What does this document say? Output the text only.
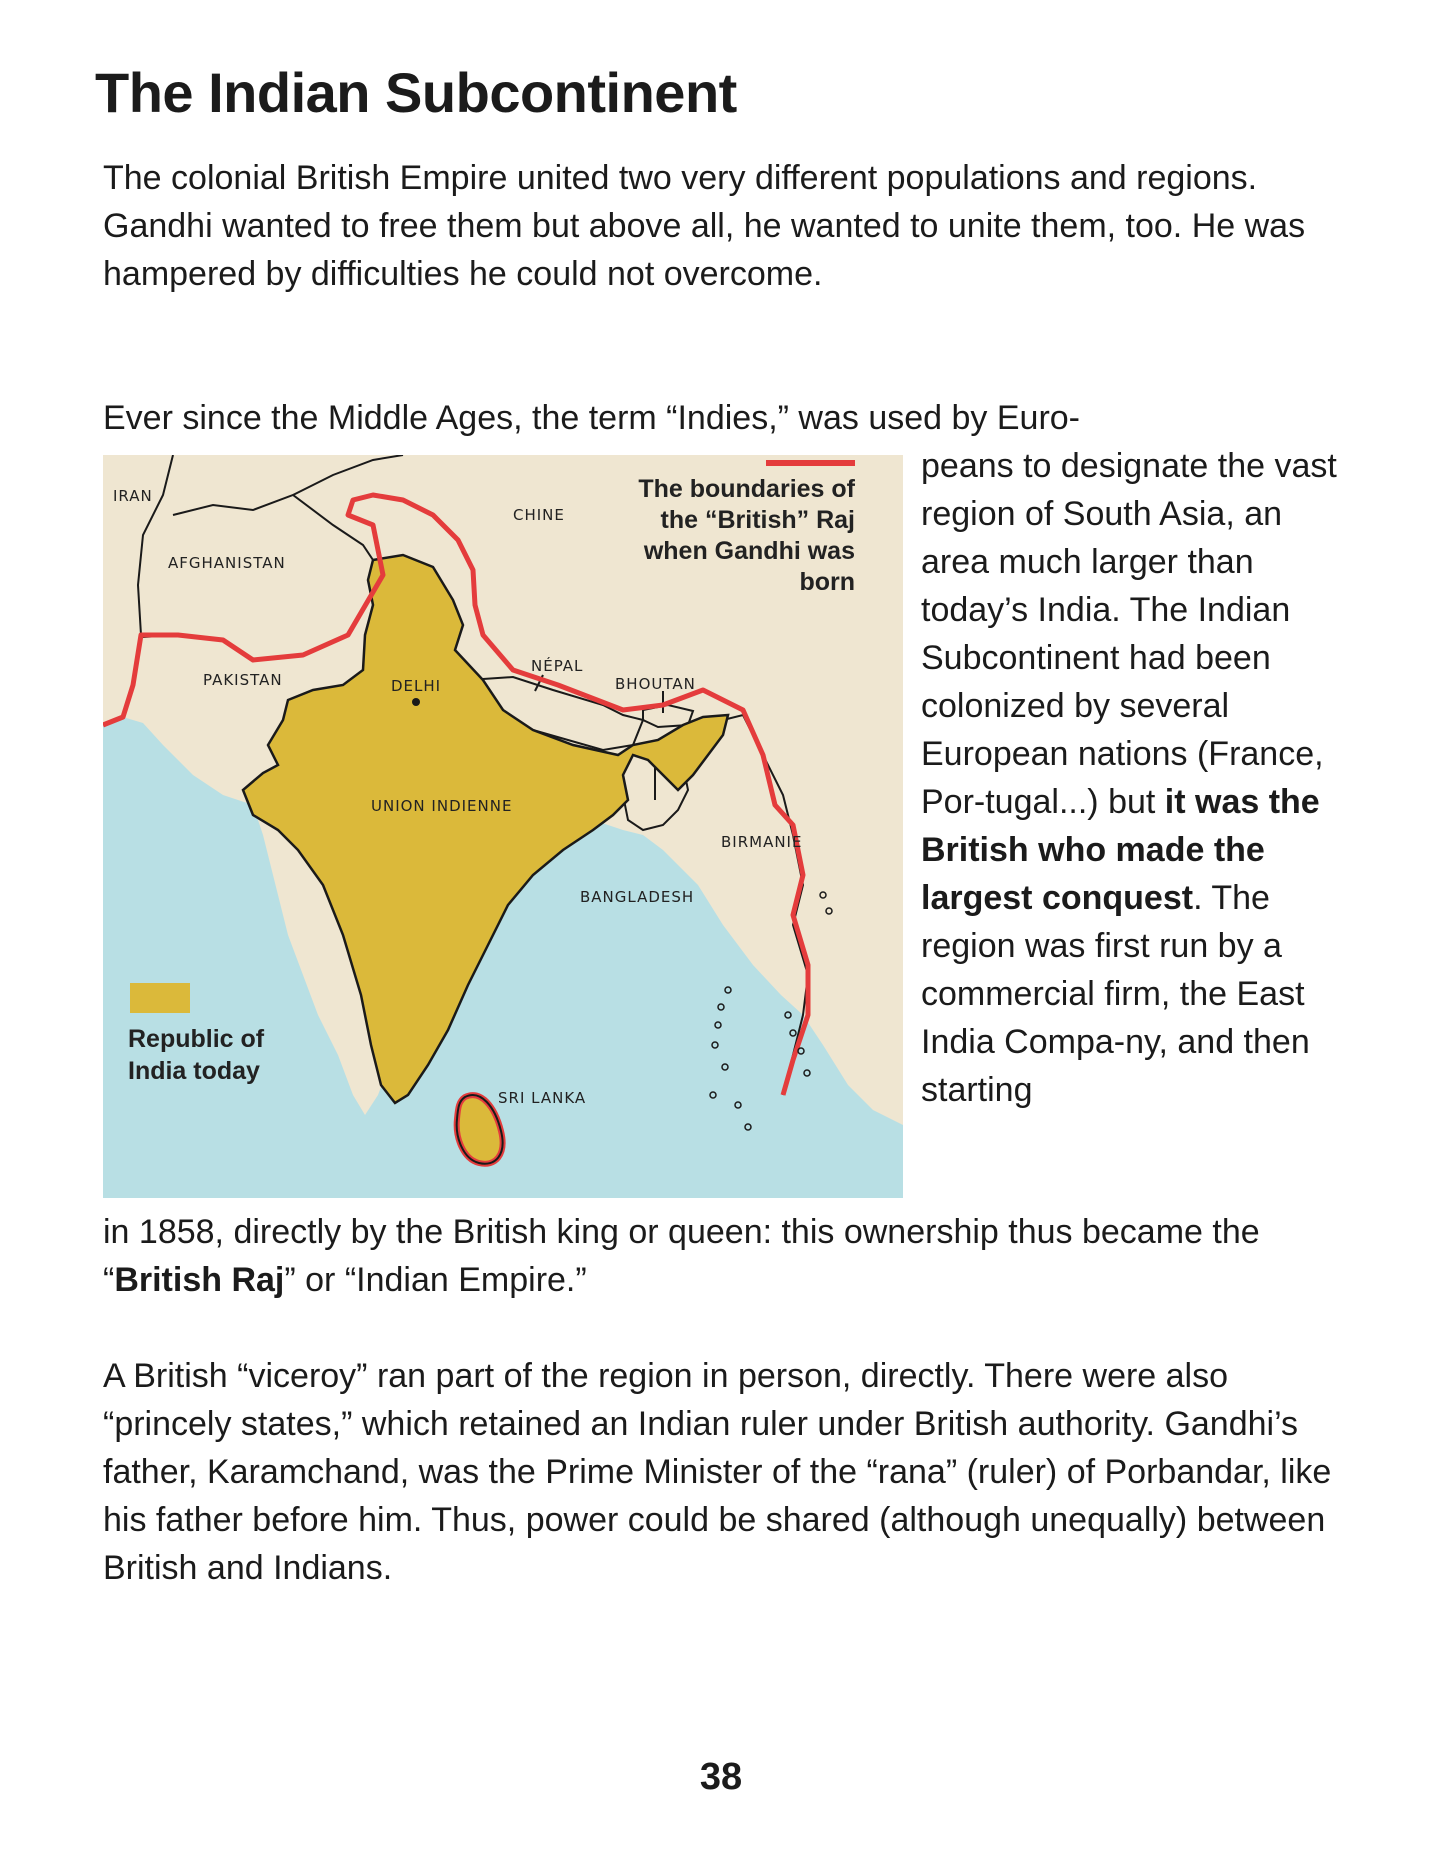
The Indian Subcontinent

The colonial British Empire united two very different populations and regions. Gandhi wanted to free them but above all, he wanted to unite them, too. He was hampered by difficulties he could not overcome.

Ever since the Middle Ages, the term “Indies,” was used by Euro-

IRAN
CHINE
AFGHANISTAN
PAKISTAN	DELHI
NÉPAL
BHOUTAN
UNION INDIENNE
BIRMANIE
BANGLADESH
SRI LANKA
The boundaries of
the “British” Raj
when Gandhi was
born
Republic of
India today

peans to designate the vast region of South Asia, an area much larger than today’s India. The Indian Subcontinent had been colonized by several European nations (France, Por-tugal...) but it was the British who made the largest conquest. The region was first run by a commercial firm, the East India Compa-ny, and then starting

in 1858, directly by the British king or queen: this ownership thus became the “British Raj” or “Indian Empire.”

A British “viceroy” ran part of the region in person, directly. There were also “princely states,” which retained an Indian ruler under British authority. Gandhi’s father, Karamchand, was the Prime Minister of the “rana” (ruler) of Porbandar, like his father before him. Thus, power could be shared (although unequally) between British and Indians.

38
